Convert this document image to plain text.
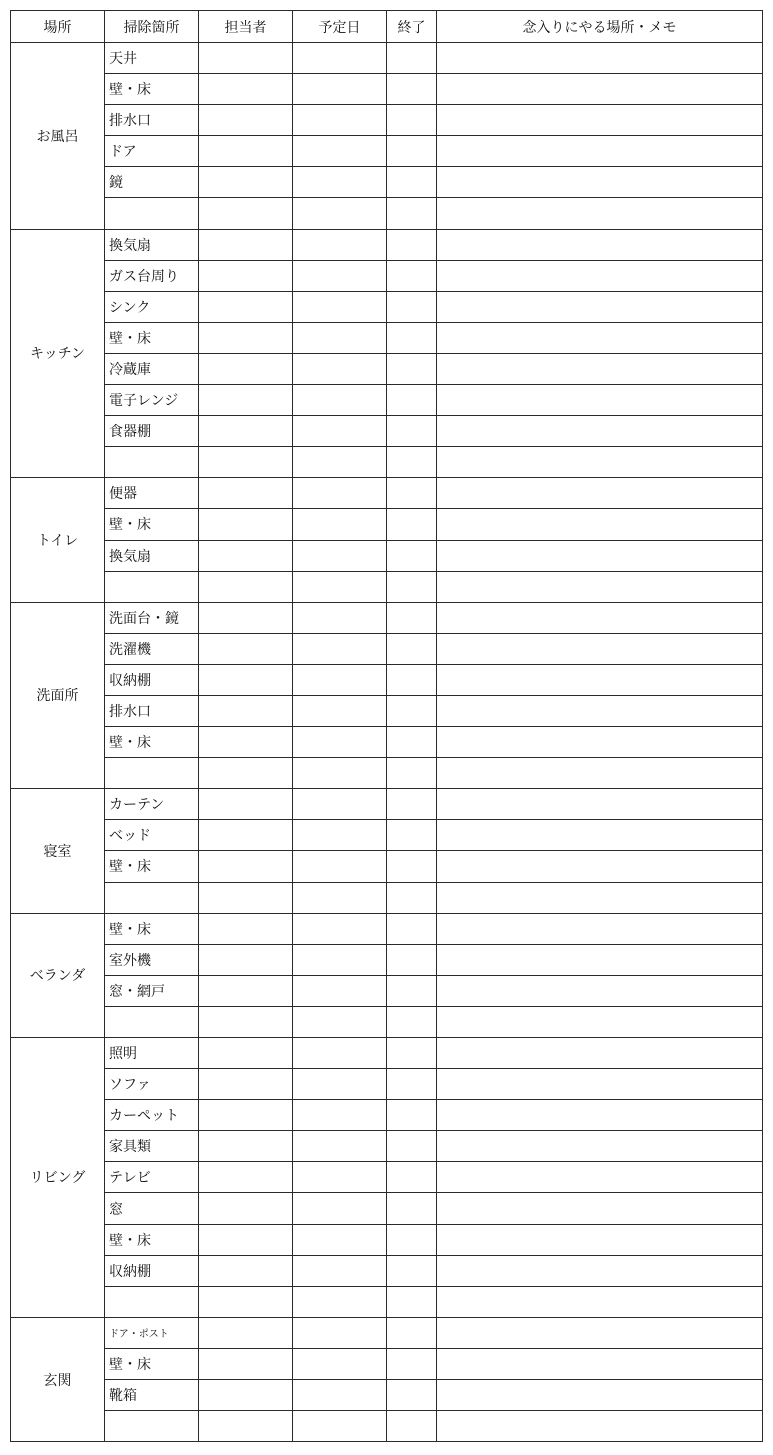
場所	掃除箇所	担当者	予定日	終了	念入りにやる場所・メモ
お風呂	天井				
	壁・床				
	排水口				
	ドア				
	鏡				

キッチン	換気扇				
	ガス台周り				
	シンク				
	壁・床				
	冷蔵庫				
	電子レンジ				
	食器棚				

トイレ	便器				
	壁・床				
	換気扇				

洗面所	洗面台・鏡				
	洗濯機				
	収納棚				
	排水口				
	壁・床				

寝室	カーテン				
	ベッド				
	壁・床				

ベランダ	壁・床				
	室外機				
	窓・網戸				

リビング	照明				
	ソファ				
	カーペット				
	家具類				
	テレビ				
	窓				
	壁・床				
	収納棚				

玄関	ドア・ポスト				
	壁・床				
	靴箱				
